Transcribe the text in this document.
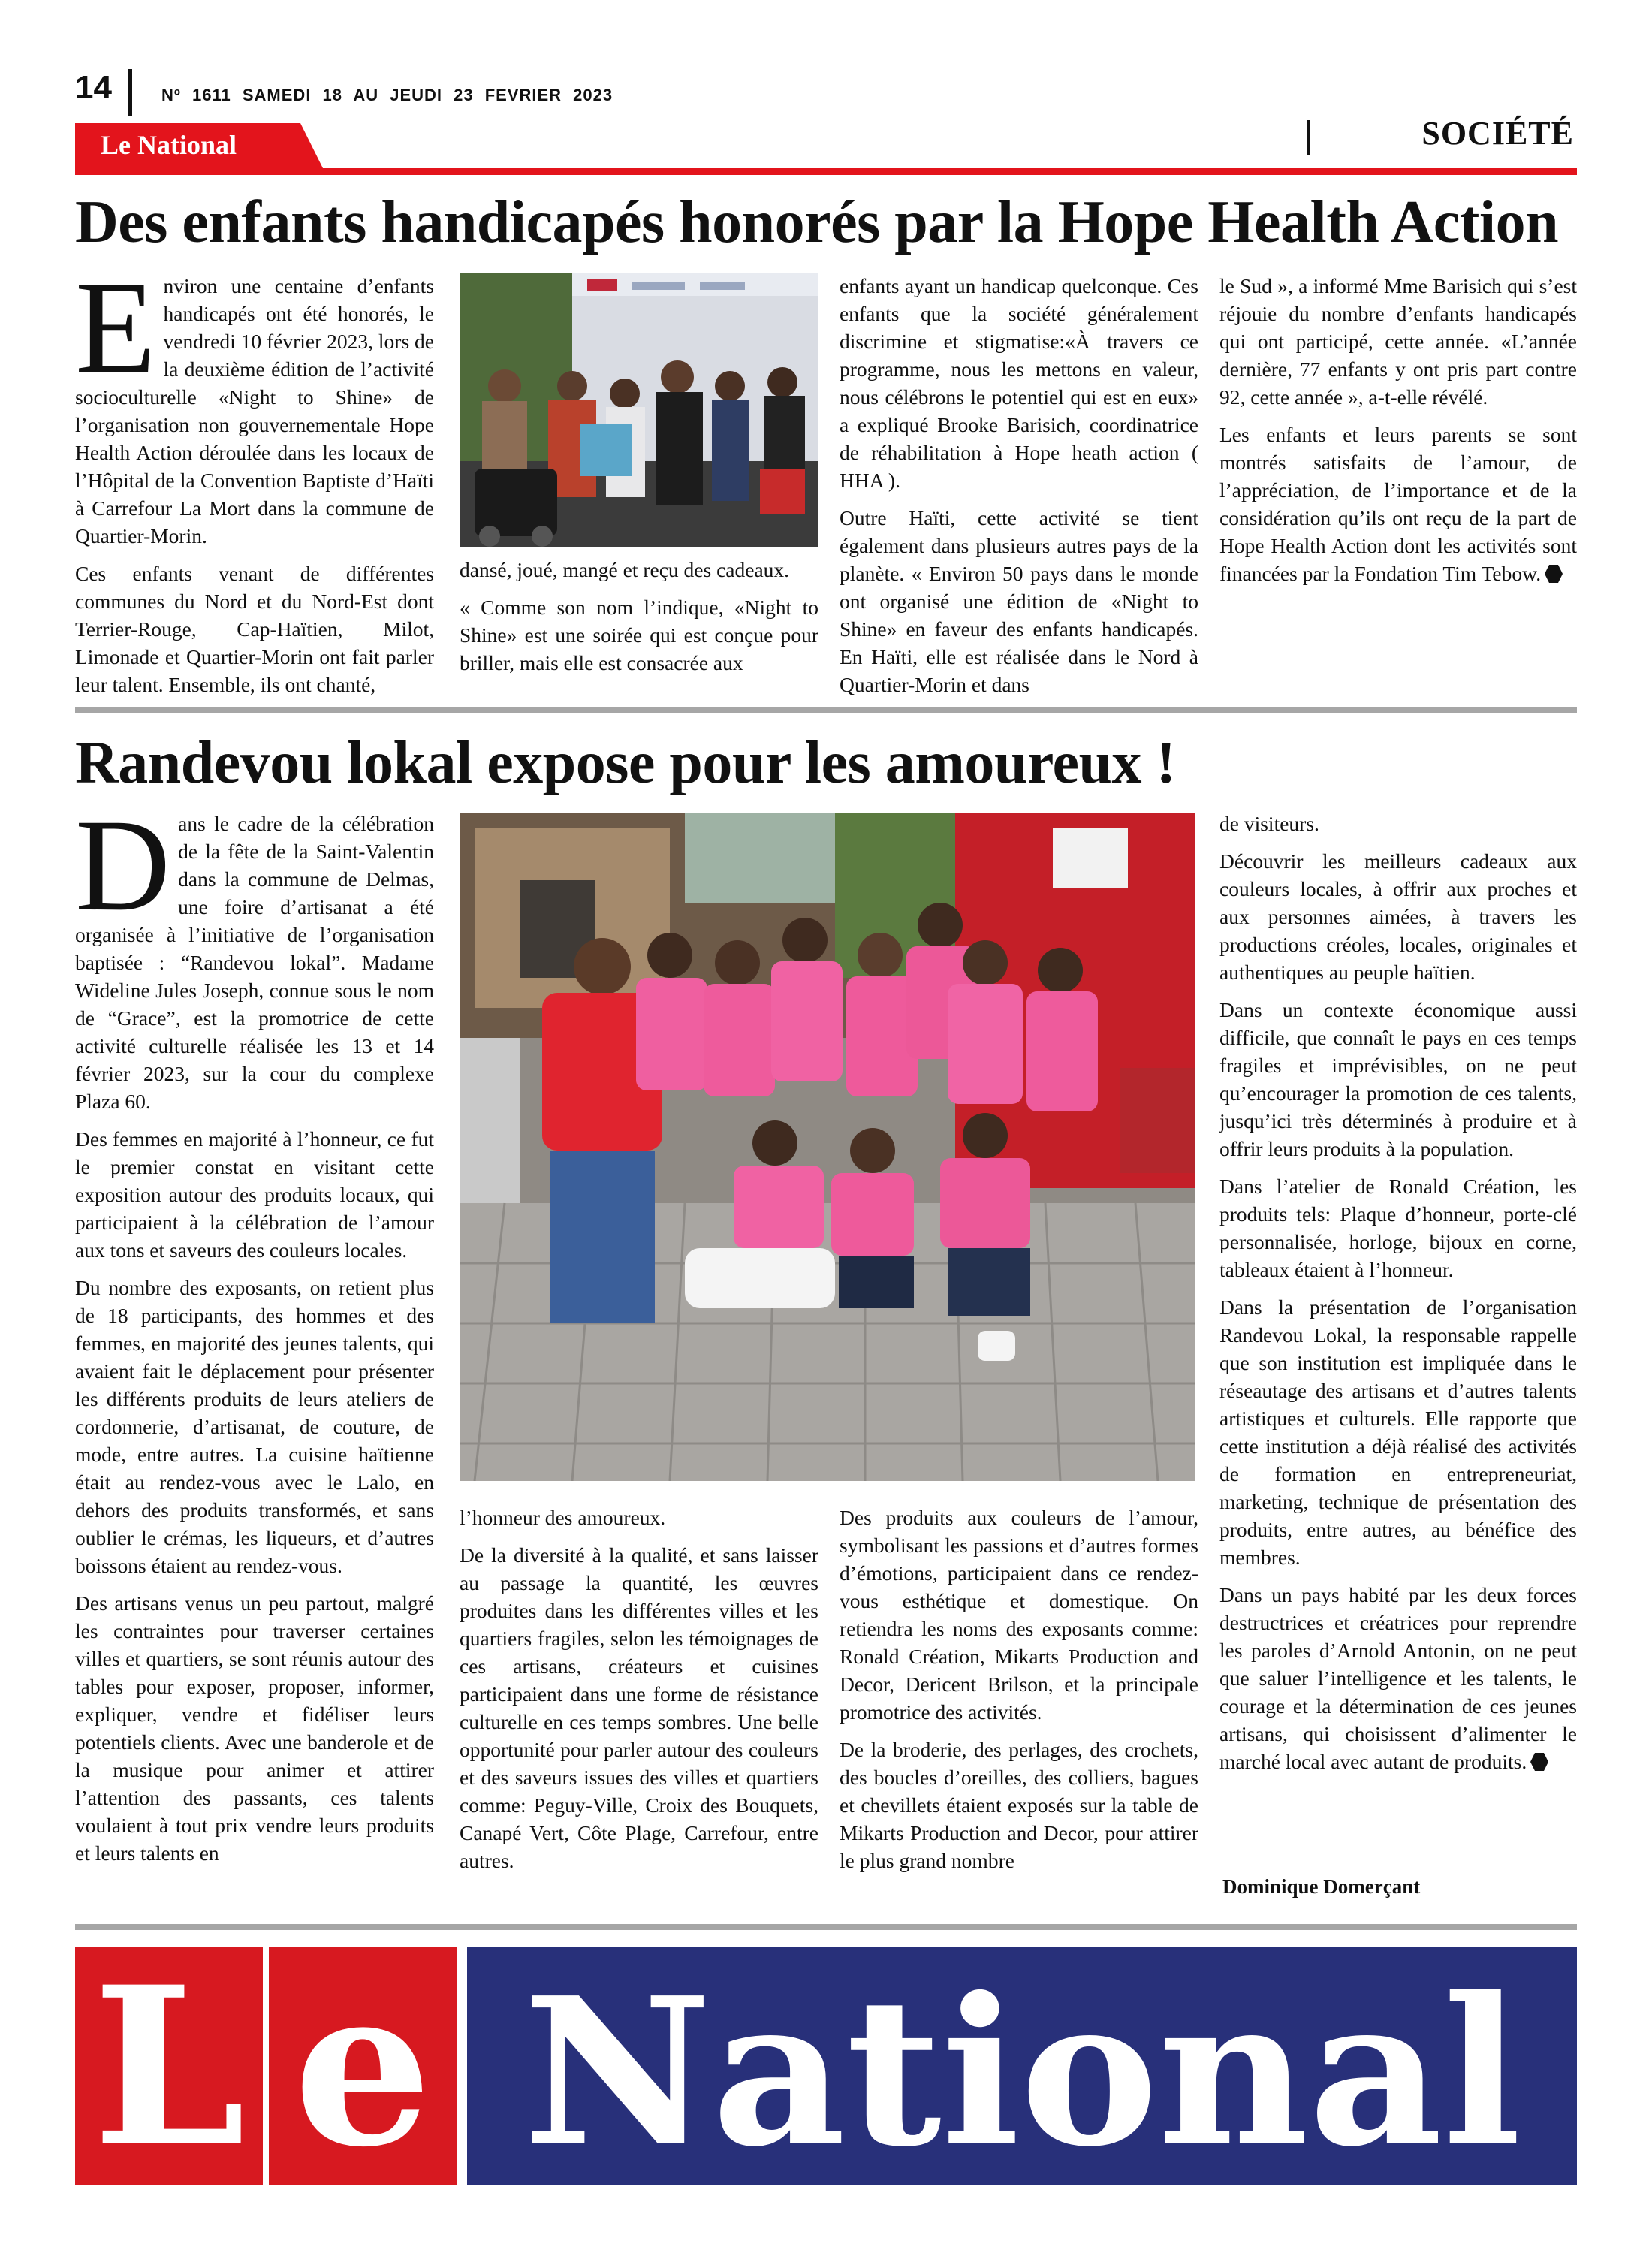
14	Nº 1611 SAMEDI 18 AU JEUDI 23 FEVRIER 2023
Le National	SOCIÉTÉ
Des enfants handicapés honorés par la Hope Health Action

Environ une centaine d’enfants handicapés ont été honorés, le vendredi 10 février 2023, lors de la deuxième édition de l’activité socioculturelle «Night to Shine» de l’organisation non gouvernementale Hope Health Action déroulée dans les locaux de l’Hôpital de la Convention Baptiste d’Haïti à Carrefour La Mort dans la commune de Quartier-Morin.

Ces enfants venant de différentes communes du Nord et du Nord-Est dont Terrier-Rouge, Cap-Haïtien, Milot, Limonade et Quartier-Morin ont fait parler leur talent. Ensemble, ils ont chanté,

dansé, joué, mangé et reçu des cadeaux.

« Comme son nom l’indique, «Night to Shine» est une soirée qui est conçue pour briller, mais elle est consacrée aux

enfants ayant un handicap quelconque. Ces enfants que la société généralement discrimine et stigmatise:«À travers ce programme, nous les mettons en valeur, nous célébrons le potentiel qui est en eux» a expliqué Brooke Barisich, coordinatrice de réhabilitation à Hope heath action ( HHA ).

Outre Haïti, cette activité se tient également dans plusieurs autres pays de la planète. « Environ 50 pays dans le monde ont organisé une édition de «Night to Shine» en faveur des enfants handicapés. En Haïti, elle est réalisée dans le Nord à Quartier-Morin et dans

le Sud », a informé Mme Barisich qui s’est réjouie du nombre d’enfants handicapés qui ont participé, cette année. «L’année dernière, 77 enfants y ont pris part contre 92, cette année », a-t-elle révélé.

Les enfants et leurs parents se sont montrés satisfaits de l’amour, de l’appréciation, de l’importance et de la considération qu’ils ont reçu de la part de Hope Health Action dont les activités sont financées par la Fondation Tim Tebow.

Randevou lokal expose pour les amoureux !

Dans le cadre de la célébration de la fête de la Saint-Valentin dans la commune de Delmas, une foire d’artisanat a été organisée à l’initiative de l’organisation baptisée : “Randevou lokal”. Madame Wideline Jules Joseph, connue sous le nom de “Grace”, est la promotrice de cette activité culturelle réalisée les 13 et 14 février 2023, sur la cour du complexe Plaza 60.

Des femmes en majorité à l’honneur, ce fut le premier constat en visitant cette exposition autour des produits locaux, qui participaient à la célébration de l’amour aux tons et saveurs des couleurs locales.

Du nombre des exposants, on retient plus de 18 participants, des hommes et des femmes, en majorité des jeunes talents, qui avaient fait le déplacement pour présenter les différents produits de leurs ateliers de cordonnerie, d’artisanat, de couture, de mode, entre autres. La cuisine haïtienne était au rendez-vous avec le Lalo, en dehors des produits transformés, et sans oublier le crémas, les liqueurs, et d’autres boissons étaient au rendez-vous.

Des artisans venus un peu partout, malgré les contraintes pour traverser certaines villes et quartiers, se sont réunis autour des tables pour exposer, proposer, informer, expliquer, vendre et fidéliser leurs potentiels clients. Avec une banderole et de la musique pour animer et attirer l’attention des passants, ces talents voulaient à tout prix vendre leurs produits et leurs talents en

l’honneur des amoureux.

De la diversité à la qualité, et sans laisser au passage la quantité, les œuvres produites dans les différentes villes et les quartiers fragiles, selon les témoignages de ces artisans, créateurs et cuisines participaient dans une forme de résistance culturelle en ces temps sombres. Une belle opportunité pour parler autour des couleurs et des saveurs issues des villes et quartiers comme: Peguy-Ville, Croix des Bouquets, Canapé Vert, Côte Plage, Carrefour, entre autres.

Des produits aux couleurs de l’amour, symbolisant les passions et d’autres formes d’émotions, participaient dans ce rendez-vous esthétique et domestique. On retiendra les noms des exposants comme: Ronald Création, Mikarts Production and Decor, Dericent Brilson, et la principale promotrice des activités.

De la broderie, des perlages, des crochets, des boucles d’oreilles, des colliers, bagues et chevillets étaient exposés sur la table de Mikarts Production and Decor, pour attirer le plus grand nombre

de visiteurs.

Découvrir les meilleurs cadeaux aux couleurs locales, à offrir aux proches et aux personnes aimées, à travers les productions créoles, locales, originales et authentiques au peuple haïtien.

Dans un contexte économique aussi difficile, que connaît le pays en ces temps fragiles et imprévisibles, on ne peut qu’encourager la promotion de ces talents, jusqu’ici très déterminés à produire et à offrir leurs produits à la population.

Dans l’atelier de Ronald Création, les produits tels: Plaque d’honneur, porte-clé personnalisée, horloge, bijoux en corne, tableaux étaient à l’honneur.

Dans la présentation de l’organisation Randevou Lokal, la responsable rappelle que son institution est impliquée dans le réseautage des artisans et d’autres talents artistiques et culturels. Elle rapporte que cette institution a déjà réalisé des activités de formation en entrepreneuriat, marketing, technique de présentation des produits, entre autres, au bénéfice des membres.

Dans un pays habité par les deux forces destructrices et créatrices pour reprendre les paroles d’Arnold Antonin, on ne peut que saluer l’intelligence et les talents, le courage et la détermination de ces jeunes artisans, qui choisissent d’alimenter le marché local avec autant de produits.

Dominique Domerçant
L e National
